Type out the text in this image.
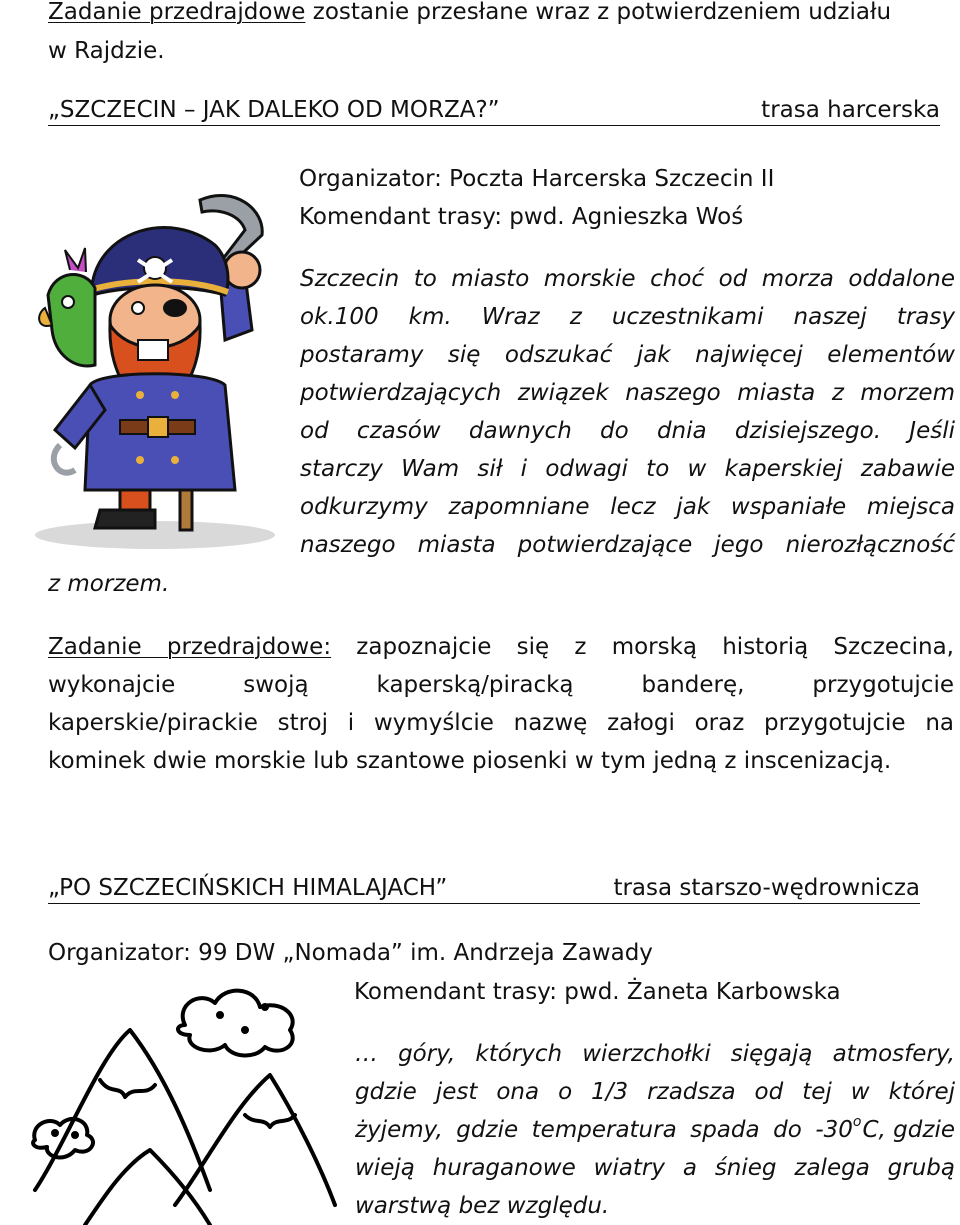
Zadanie przedrajdowe zostanie przesłane wraz z potwierdzeniem udziału
w Rajdzie.
„SZCZECIN – JAK DALEKO OD MORZA?”	trasa harcerska
Organizator: Poczta Harcerska Szczecin II
Komendant trasy: pwd. Agnieszka Woś
Szczecin to miasto morskie choć od morza oddalone
ok.100 km. Wraz z uczestnikami naszej trasy
postaramy się odszukać jak najwięcej elementów
potwierdzających związek naszego miasta z morzem
od czasów dawnych do dnia dzisiejszego. Jeśli
starczy Wam sił i odwagi to w kaperskiej zabawie
odkurzymy zapomniane lecz jak wspaniałe miejsca
naszego miasta potwierdzające jego nierozłączność
z morzem.
Zadanie przedrajdowe: zapoznajcie się z morską historią Szczecina,
wykonajcie swoją kaperską/piracką banderę, przygotujcie
kaperskie/pirackie stroj i wymyślcie nazwę załogi oraz przygotujcie na
kominek dwie morskie lub szantowe piosenki w tym jedną z inscenizacją.
„PO SZCZECIŃSKICH HIMALAJACH”	trasa starszo-wędrownicza
Organizator: 99 DW „Nomada” im. Andrzeja Zawady
Komendant trasy: pwd. Żaneta Karbowska
… góry, których wierzchołki sięgają atmosfery,
gdzie jest ona o 1/3 rzadsza od tej w której
żyjemy, gdzie temperatura spada do -30$^o$ C, gdzie
wieją huraganowe wiatry a śnieg zalega grubą
warstwą bez względu.
